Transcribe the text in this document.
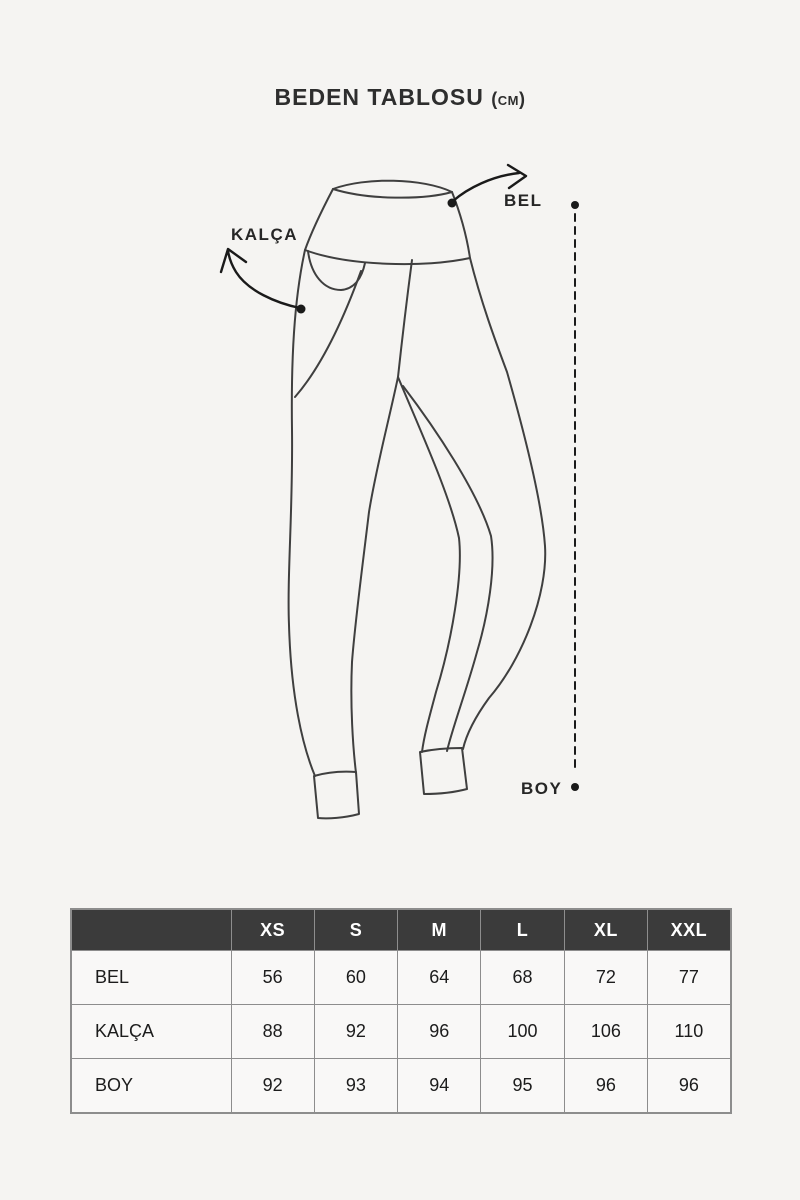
BEDEN TABLOSU (cm)
KALÇA
BEL
BOY
	XS	S	M	L	XL	XXL
BEL	56	60	64	68	72	77
KALÇA	88	92	96	100	106	110
BOY	92	93	94	95	96	96
